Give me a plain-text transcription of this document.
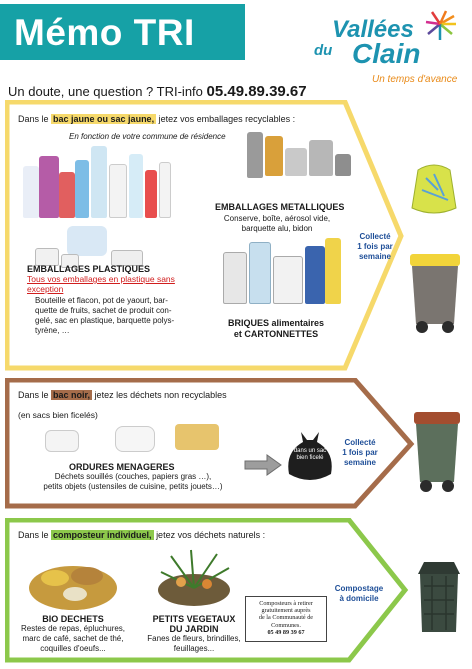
Mémo TRI	Vallées
du Clain
Un temps d'avance
Un doute, une question ? TRI-info 05.49.89.39.67
Dans le bac jaune ou sac jaune, jetez vos emballages recyclables :
En fonction de votre commune de résidence
EMBALLAGES METALLIQUES
Conserve, boîte, aérosol vide,
barquette alu, bidon
EMBALLAGES PLASTIQUES
Tous vos emballages en plastique sans exception
Bouteille et flacon, pot de yaourt, bar-
quette de fruits, sachet de produit con-
gelé, sac en plastique, barquette polys-
tyrène, …
BRIQUES alimentaires
et CARTONNETTES
Collecté
1 fois par
semaine
Dans le bac noir, jetez les déchets non recyclables
(en sacs bien ficelés)
ORDURES MENAGERES
Déchets souillés (couches, papiers gras …),
petits objets (ustensiles de cuisine, petits jouets…)
dans un sac
bien ficelé
Collecté
1 fois par
semaine
Dans le composteur individuel, jetez vos déchets naturels :
BIO DECHETS
Restes de repas, épluchures,
marc de café, sachet de thé,
coquilles d'oeufs...
PETITS VEGETAUX
DU JARDIN
Fanes de fleurs, brindilles,
feuillages...
Composteurs à retirer
gratuitement auprès
de la Communauté de
Communes.
05 49 89 39 67
Compostage
à domicile
